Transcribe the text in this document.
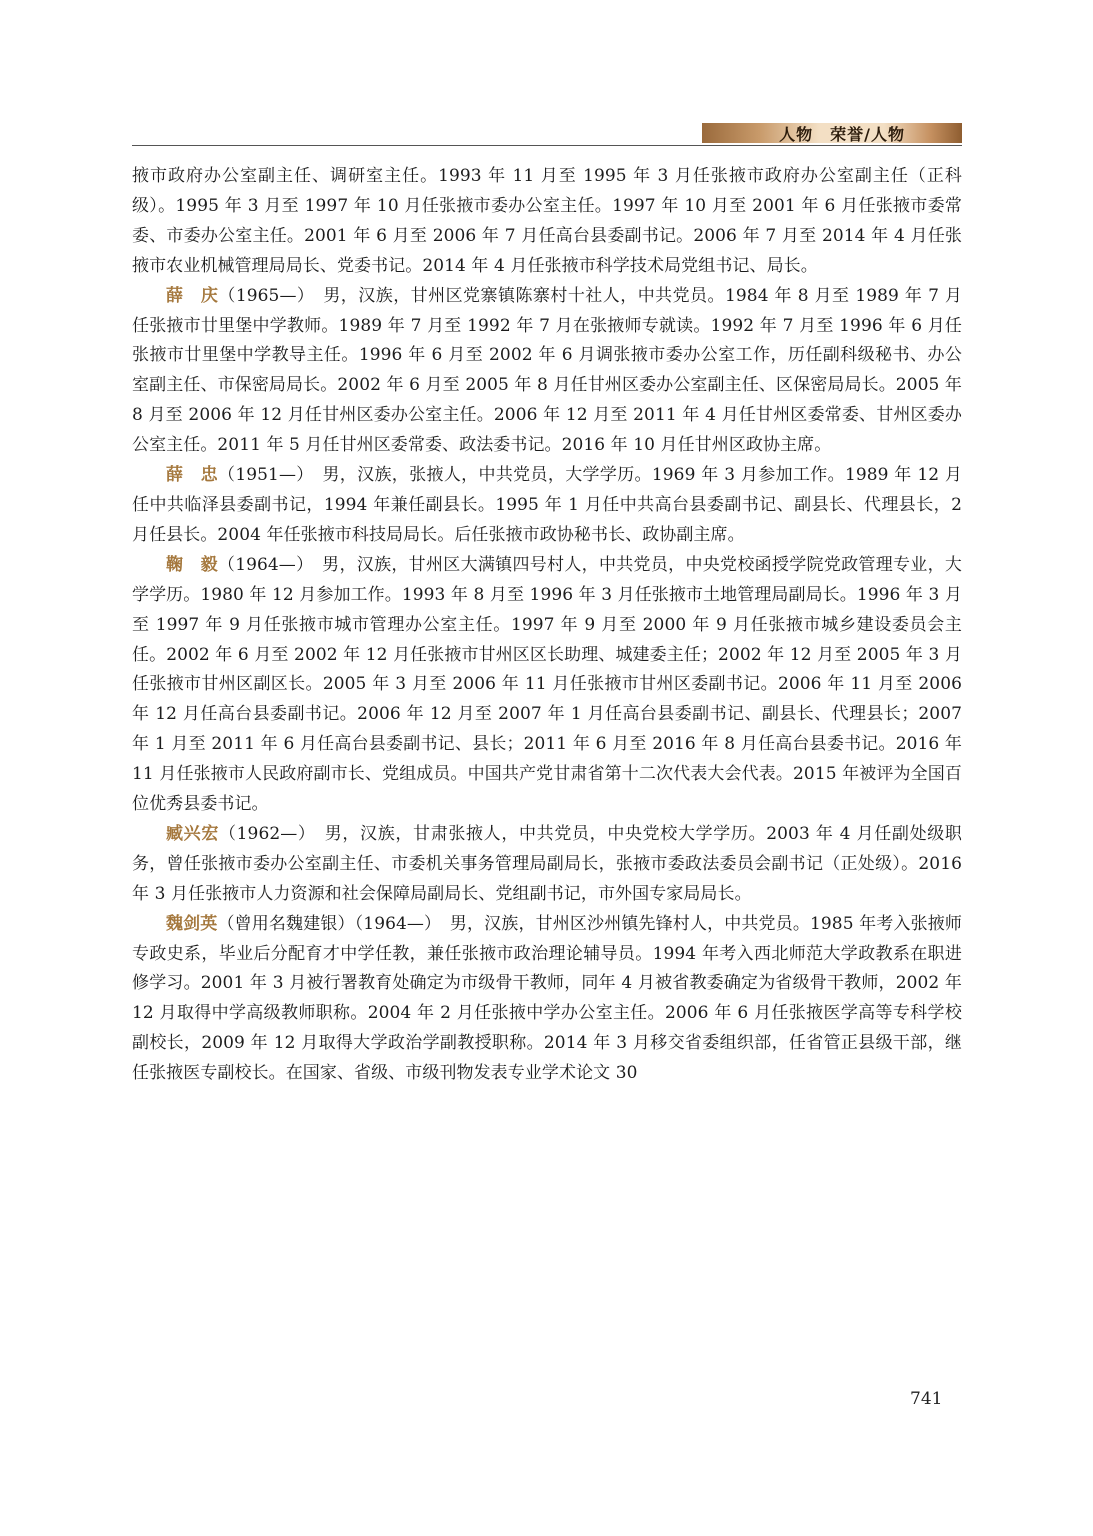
人物　荣誉/人物

掖市政府办公室副主任、调研室主任。1993 年 11 月至 1995 年 3 月任张掖市政府办公室副主任（正科级）。1995 年 3 月至 1997 年 10 月任张掖市委办公室主任。1997 年 10 月至 2001 年 6 月任张掖市委常委、市委办公室主任。2001 年 6 月至 2006 年 7 月任高台县委副书记。2006 年 7 月至 2014 年 4 月任张掖市农业机械管理局局长、党委书记。2014 年 4 月任张掖市科学技术局党组书记、局长。

薛　庆（1965—）　男，汉族，甘州区党寨镇陈寨村十社人，中共党员。1984 年 8 月至 1989 年 7 月任张掖市廿里堡中学教师。1989 年 7 月至 1992 年 7 月在张掖师专就读。1992 年 7 月至 1996 年 6 月任张掖市廿里堡中学教导主任。1996 年 6 月至 2002 年 6 月调张掖市委办公室工作，历任副科级秘书、办公室副主任、市保密局局长。2002 年 6 月至 2005 年 8 月任甘州区委办公室副主任、区保密局局长。2005 年 8 月至 2006 年 12 月任甘州区委办公室主任。2006 年 12 月至 2011 年 4 月任甘州区委常委、甘州区委办公室主任。2011 年 5 月任甘州区委常委、政法委书记。2016 年 10 月任甘州区政协主席。

薛　忠（1951—）　男，汉族，张掖人，中共党员，大学学历。1969 年 3 月参加工作。1989 年 12 月任中共临泽县委副书记，1994 年兼任副县长。1995 年 1 月任中共高台县委副书记、副县长、代理县长，2 月任县长。2004 年任张掖市科技局局长。后任张掖市政协秘书长、政协副主席。

鞠　毅（1964—）　男，汉族，甘州区大满镇四号村人，中共党员，中央党校函授学院党政管理专业，大学学历。1980 年 12 月参加工作。1993 年 8 月至 1996 年 3 月任张掖市土地管理局副局长。1996 年 3 月至 1997 年 9 月任张掖市城市管理办公室主任。1997 年 9 月至 2000 年 9 月任张掖市城乡建设委员会主任。2002 年 6 月至 2002 年 12 月任张掖市甘州区区长助理、城建委主任；2002 年 12 月至 2005 年 3 月任张掖市甘州区副区长。2005 年 3 月至 2006 年 11 月任张掖市甘州区委副书记。2006 年 11 月至 2006 年 12 月任高台县委副书记。2006 年 12 月至 2007 年 1 月任高台县委副书记、副县长、代理县长；2007 年 1 月至 2011 年 6 月任高台县委副书记、县长；2011 年 6 月至 2016 年 8 月任高台县委书记。2016 年 11 月任张掖市人民政府副市长、党组成员。中国共产党甘肃省第十二次代表大会代表。2015 年被评为全国百位优秀县委书记。

臧兴宏（1962—）　男，汉族，甘肃张掖人，中共党员，中央党校大学学历。2003 年 4 月任副处级职务，曾任张掖市委办公室副主任、市委机关事务管理局副局长，张掖市委政法委员会副书记（正处级）。2016 年 3 月任张掖市人力资源和社会保障局副局长、党组副书记，市外国专家局局长。

魏剑英（曾用名魏建银）（1964—）　男，汉族，甘州区沙州镇先锋村人，中共党员。1985 年考入张掖师专政史系，毕业后分配育才中学任教，兼任张掖市政治理论辅导员。1994 年考入西北师范大学政教系在职进修学习。2001 年 3 月被行署教育处确定为市级骨干教师，同年 4 月被省教委确定为省级骨干教师，2002 年 12 月取得中学高级教师职称。2004 年 2 月任张掖中学办公室主任。2006 年 6 月任张掖医学高等专科学校副校长，2009 年 12 月取得大学政治学副教授职称。2014 年 3 月移交省委组织部，任省管正县级干部，继任张掖医专副校长。在国家、省级、市级刊物发表专业学术论文 30

741
